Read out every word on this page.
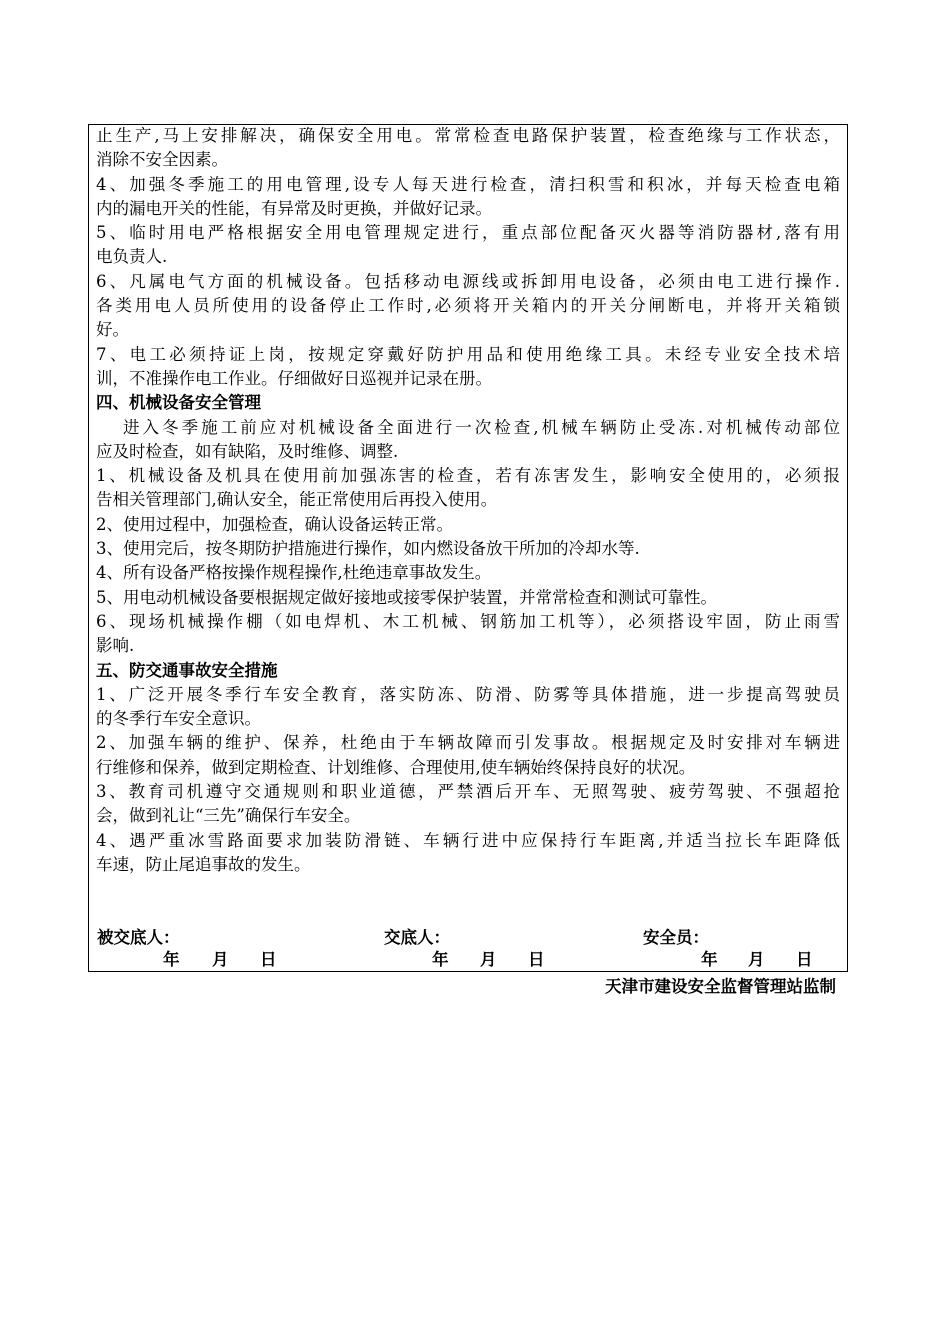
止生产,马上安排解决，确保安全用电。常常检查电路保护装置，检查绝缘与工作状态，
消除不安全因素。
4、加强冬季施工的用电管理,设专人每天进行检查，清扫积雪和积冰，并每天检查电箱
内的漏电开关的性能，有异常及时更换，并做好记录。
5、临时用电严格根据安全用电管理规定进行，重点部位配备灭火器等消防器材,落有用
电负责人.
6、凡属电气方面的机械设备。包括移动电源线或拆卸用电设备，必须由电工进行操作.
各类用电人员所使用的设备停止工作时,必须将开关箱内的开关分闸断电，并将开关箱锁
好。
7、电工必须持证上岗，按规定穿戴好防护用品和使用绝缘工具。未经专业安全技术培
训，不准操作电工作业。仔细做好日巡视并记录在册。
四、机械设备安全管理
进入冬季施工前应对机械设备全面进行一次检查,机械车辆防止受冻.对机械传动部位
应及时检查，如有缺陷，及时维修、调整.
1、机械设备及机具在使用前加强冻害的检查，若有冻害发生，影响安全使用的，必须报
告相关管理部门,确认安全，能正常使用后再投入使用。
2、使用过程中，加强检查，确认设备运转正常。
3、使用完后，按冬期防护措施进行操作，如内燃设备放干所加的冷却水等.
4、所有设备严格按操作规程操作,杜绝违章事故发生。
5、用电动机械设备要根据规定做好接地或接零保护装置，并常常检查和测试可靠性。
6、现场机械操作棚（如电焊机、木工机械、钢筋加工机等），必须搭设牢固，防止雨雪
影响.
五、防交通事故安全措施
1、广泛开展冬季行车安全教育，落实防冻、防滑、防雾等具体措施，进一步提高驾驶员
的冬季行车安全意识。
2、加强车辆的维护、保养，杜绝由于车辆故障而引发事故。根据规定及时安排对车辆进
行维修和保养，做到定期检查、计划维修、合理使用,使车辆始终保持良好的状况。
3、教育司机遵守交通规则和职业道德，严禁酒后开车、无照驾驶、疲劳驾驶、不强超抢
会，做到礼让“三先”确保行车安全。
4、遇严重冰雪路面要求加装防滑链、车辆行进中应保持行车距离,并适当拉长车距降低
车速，防止尾追事故的发生。
被交底人：	交底人：	安全员：
年 月 日	年 月 日	年 月 日
天津市建设安全监督管理站监制
